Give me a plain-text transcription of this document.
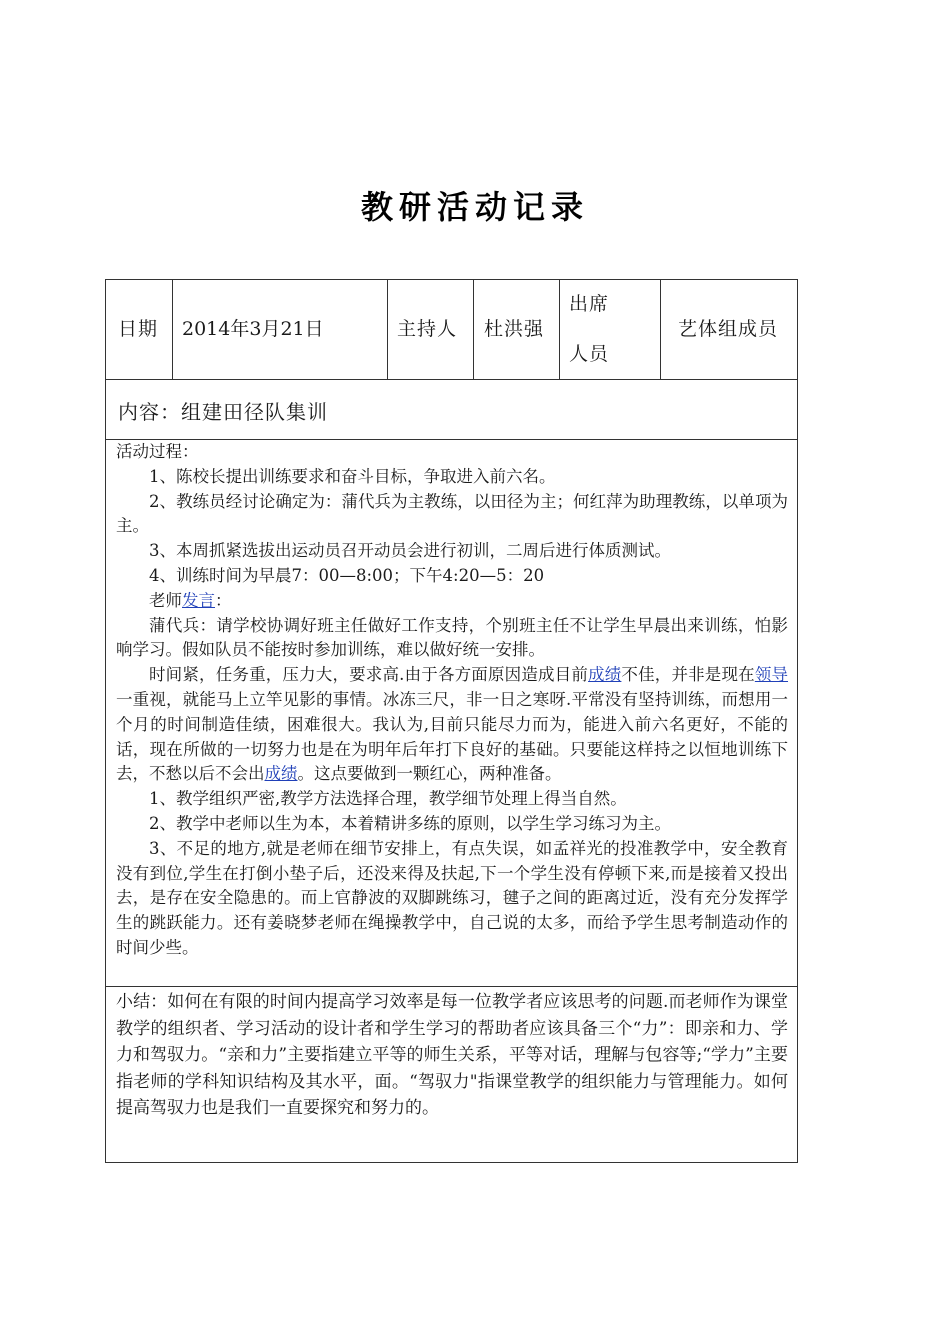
教研活动记录
日期 2014年3月21日	主持人 杜洪强
出席
人员
艺体组成员
内容：组建田径队集训

活动过程：

1、陈校长提出训练要求和奋斗目标，争取进入前六名。

2、教练员经讨论确定为：蒲代兵为主教练，以田径为主；何红萍为助理教练，以单项为主。

3、本周抓紧选拔出运动员召开动员会进行初训，二周后进行体质测试。

4、训练时间为早晨7：00—8:00；下午4:20—5：20

老师发言：

蒲代兵：请学校协调好班主任做好工作支持，个别班主任不让学生早晨出来训练，怕影响学习。假如队员不能按时参加训练，难以做好统一安排。

时间紧，任务重，压力大，要求高.由于各方面原因造成目前成绩不佳，并非是现在领导一重视，就能马上立竿见影的事情。冰冻三尺，非一日之寒呀.平常没有坚持训练，而想用一个月的时间制造佳绩，困难很大。我认为,目前只能尽力而为，能进入前六名更好，不能的话，现在所做的一切努力也是在为明年后年打下良好的基础。只要能这样持之以恒地训练下去，不愁以后不会出成绩。这点要做到一颗红心，两种准备。

1、教学组织严密,教学方法选择合理，教学细节处理上得当自然。

2、教学中老师以生为本，本着精讲多练的原则，以学生学习练习为主。

3、不足的地方,就是老师在细节安排上，有点失误，如孟祥光的投准教学中，安全教育没有到位,学生在打倒小垫子后，还没来得及扶起,下一个学生没有停顿下来,而是接着又投出去，是存在安全隐患的。而上官静波的双脚跳练习，毽子之间的距离过近，没有充分发挥学生的跳跃能力。还有姜晓梦老师在绳操教学中，自己说的太多，而给予学生思考制造动作的时间少些。

小结：如何在有限的时间内提高学习效率是每一位教学者应该思考的问题.而老师作为课堂教学的组织者、学习活动的设计者和学生学习的帮助者应该具备三个“力”：即亲和力、学力和驾驭力。“亲和力”主要指建立平等的师生关系，平等对话，理解与包容等;“学力”主要指老师的学科知识结构及其水平，面。“驾驭力"指课堂教学的组织能力与管理能力。如何提高驾驭力也是我们一直要探究和努力的。
